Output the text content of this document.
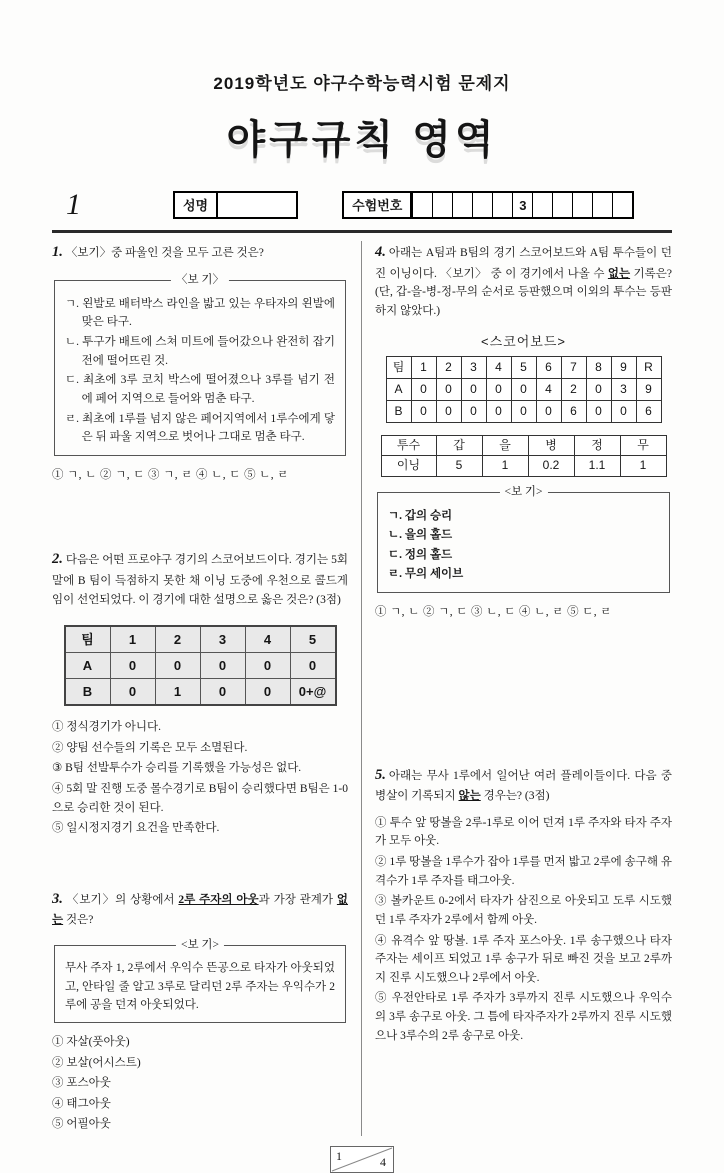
2019학년도 야구수학능력시험 문제지

야구규칙 영역
1	성명	수험번호	3

1. 〈보기〉중 파울인 것을 모두 고른 것은?

〈보 기〉

ㄱ. 왼발로 배터박스 라인을 밟고 있는 우타자의 왼발에 맞은 타구.

ㄴ. 투구가 배트에 스쳐 미트에 들어갔으나 완전히 잡기 전에 떨어뜨린 것.

ㄷ. 최초에 3루 코치 박스에 떨어졌으나 3루를 넘기 전에 페어 지역으로 들어와 멈춘 타구.

ㄹ. 최초에 1루를 넘지 않은 페어지역에서 1루수에게 닿은 뒤 파울 지역으로 벗어나 그대로 멈춘 타구.

① ㄱ, ㄴ ② ㄱ, ㄷ ③ ㄱ, ㄹ ④ ㄴ, ㄷ ⑤ ㄴ, ㄹ

2. 다음은 어떤 프로야구 경기의 스코어보드이다. 경기는 5회 말에 B 팀이 득점하지 못한 채 이닝 도중에 우천으로 콜드게임이 선언되었다. 이 경기에 대한 설명으로 옳은 것은? (3점)

팀	1	2	3	4	5
A	0	0	0	0	0
B	0	1	0	0	0+@

① 정식경기가 아니다.

② 양팀 선수들의 기록은 모두 소멸된다.

③ B팀 선발투수가 승리를 기록했을 가능성은 없다.

④ 5회 말 진행 도중 몰수경기로 B팀이 승리했다면 B팀은 1-0으로 승리한 것이 된다.

⑤ 일시정지경기 요건을 만족한다.

3. 〈보기〉의 상황에서 2루 주자의 아웃과 가장 관계가 없는 것은?

<보 기>

무사 주자 1, 2루에서 우익수 뜬공으로 타자가 아웃되었고, 안타일 줄 알고 3루로 달리던 2루 주자는 우익수가 2루에 공을 던져 아웃되었다.

① 자살(풋아웃)

② 보살(어시스트)

③ 포스아웃

④ 태그아웃

⑤ 어필아웃

4. 아래는 A팀과 B팀의 경기 스코어보드와 A팀 투수들이 던진 이닝이다. 〈보기〉 중 이 경기에서 나올 수 없는 기록은? (단, 갑-을-병-정-무의 순서로 등판했으며 이외의 투수는 등판하지 않았다.)

<스코어보드>

팀	1	2	3	4	5	6	7	8	9	R
A	0	0	0	0	0	4	2	0	3	9
B	0	0	0	0	0	0	6	0	0	6
투수	갑	을	병	정	무
이닝	5	1	0.2	1.1	1
<보 기>

ㄱ. 갑의 승리

ㄴ. 을의 홀드

ㄷ. 정의 홀드

ㄹ. 무의 세이브

① ㄱ, ㄴ ② ㄱ, ㄷ ③ ㄴ, ㄷ ④ ㄴ, ㄹ ⑤ ㄷ, ㄹ

5. 아래는 무사 1루에서 일어난 여러 플레이들이다. 다음 중 병살이 기록되지 않는 경우는? (3점)

① 투수 앞 땅볼을 2루-1루로 이어 던져 1루 주자와 타자 주자가 모두 아웃.

② 1루 땅볼을 1루수가 잡아 1루를 먼저 밟고 2루에 송구해 유격수가 1루 주자를 태그아웃.

③ 볼카운트 0-2에서 타자가 삼진으로 아웃되고 도루 시도했던 1루 주자가 2루에서 함께 아웃.

④ 유격수 앞 땅볼. 1루 주자 포스아웃. 1루 송구했으나 타자주자는 세이프 되었고 1루 송구가 뒤로 빠진 것을 보고 2루까지 진루 시도했으나 2루에서 아웃.

⑤ 우전안타로 1루 주자가 3루까지 진루 시도했으나 우익수의 3루 송구로 아웃. 그 틈에 타자주자가 2루까지 진루 시도했으나 3루수의 2루 송구로 아웃.

1	4
